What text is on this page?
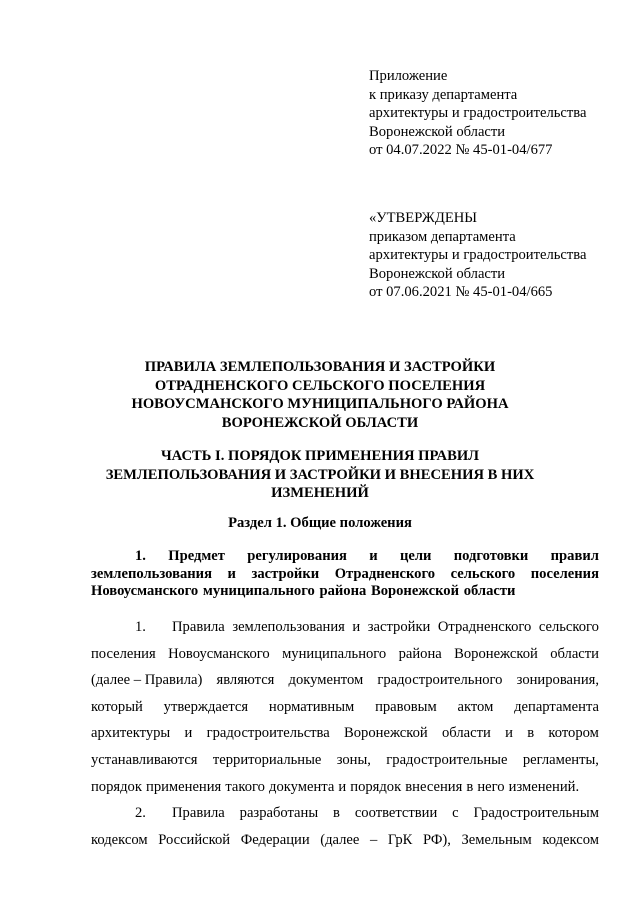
Приложение
к приказу департамента
архитектуры и градостроительства
Воронежской области
от 04.07.2022 № 45-01-04/677
«УТВЕРЖДЕНЫ
приказом департамента
архитектуры и градостроительства
Воронежской области
от 07.06.2021 № 45-01-04/665
ПРАВИЛА ЗЕМЛЕПОЛЬЗОВАНИЯ И ЗАСТРОЙКИ
ОТРАДНЕНСКОГО СЕЛЬСКОГО ПОСЕЛЕНИЯ
НОВОУСМАНСКОГО МУНИЦИПАЛЬНОГО РАЙОНА
ВОРОНЕЖСКОЙ ОБЛАСТИ
ЧАСТЬ I. ПОРЯДОК ПРИМЕНЕНИЯ ПРАВИЛ
ЗЕМЛЕПОЛЬЗОВАНИЯ И ЗАСТРОЙКИ И ВНЕСЕНИЯ В НИХ
ИЗМЕНЕНИЙ
Раздел 1. Общие положения
1. Предмет регулирования и цели подготовки правил
землепользования и застройки Отрадненского сельского поселения
Новоусманского муниципального района Воронежской области
1.	Правила землепользования и застройки Отрадненского сельского
поселения Новоусманского муниципального района Воронежской области
(далее – Правила) являются документом градостроительного зонирования,
который утверждается нормативным правовым актом департамента
архитектуры и градостроительства Воронежской области и в котором
устанавливаются территориальные зоны, градостроительные регламенты,
порядок применения такого документа и порядок внесения в него изменений.
2.	Правила разработаны в соответствии с Градостроительным
кодексом Российской Федерации (далее – ГрК РФ), Земельным кодексом
